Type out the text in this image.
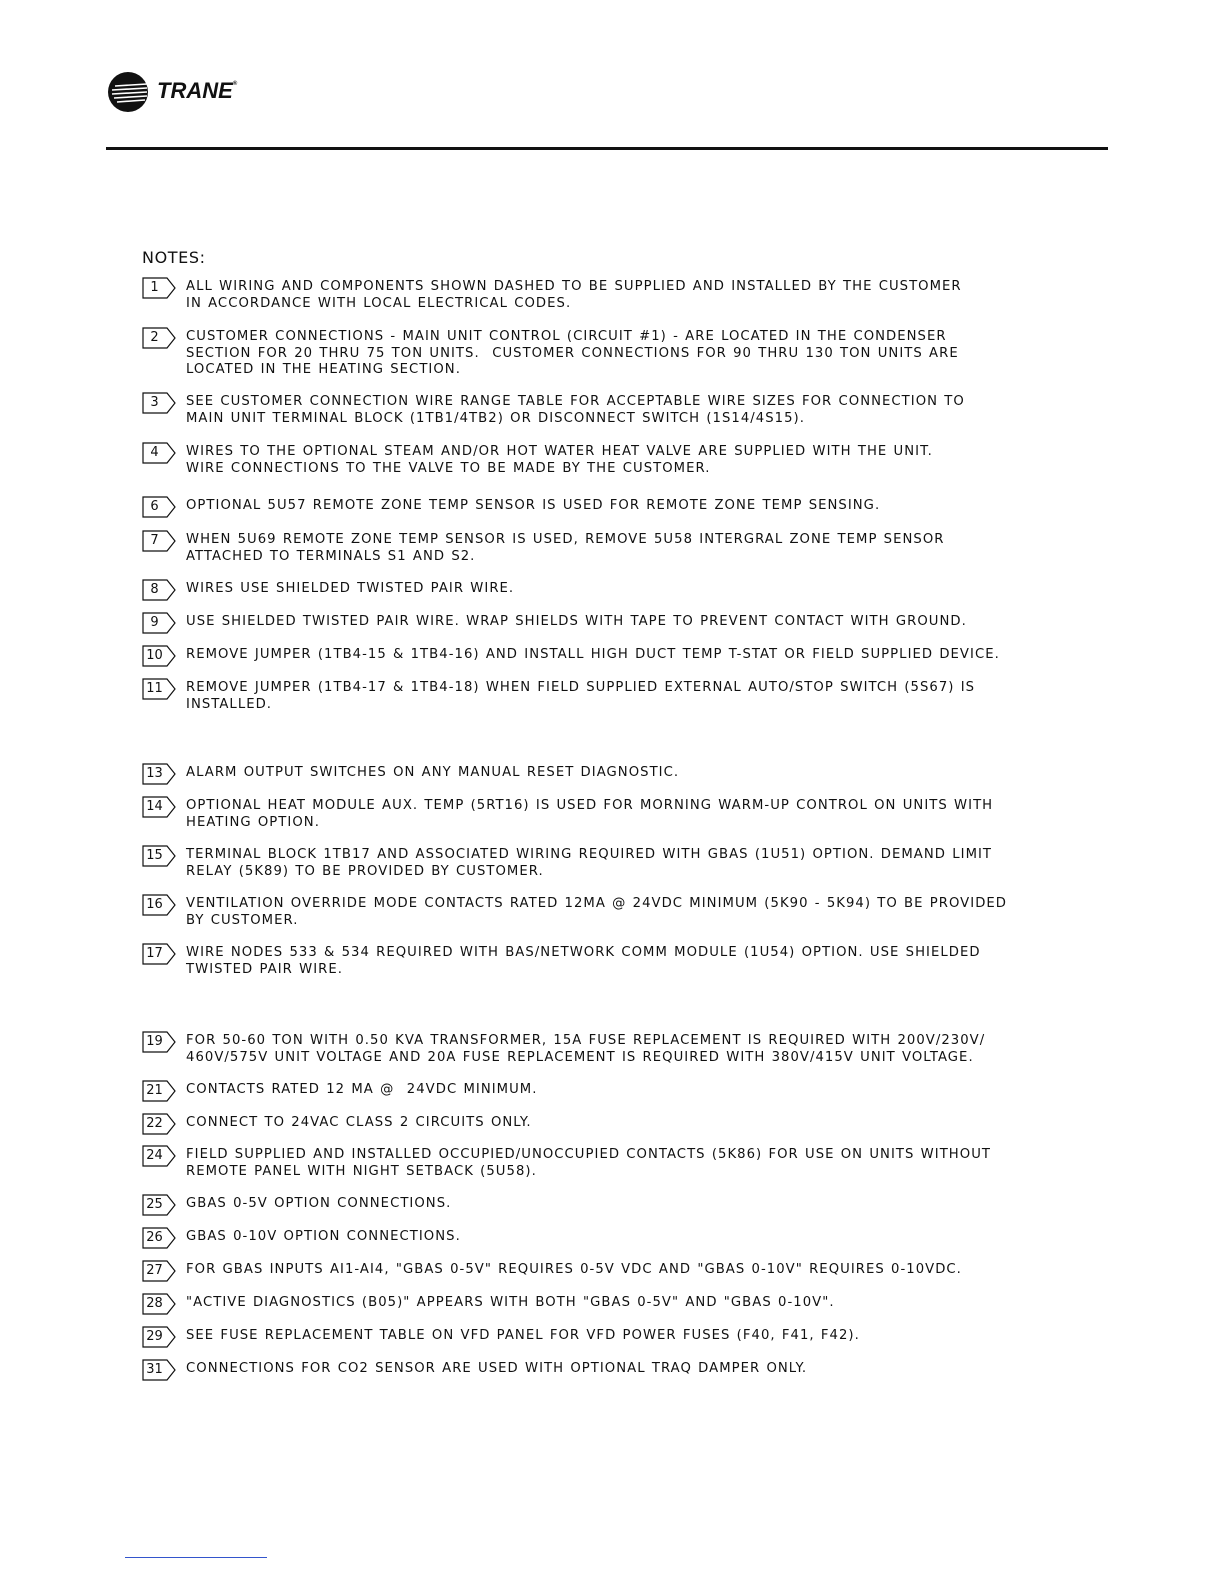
TRANE®
NOTES:
1	ALL WIRING AND COMPONENTS SHOWN DASHED TO BE SUPPLIED AND INSTALLED BY THE CUSTOMER
IN ACCORDANCE WITH LOCAL ELECTRICAL CODES.
2	CUSTOMER CONNECTIONS - MAIN UNIT CONTROL (CIRCUIT #1) - ARE LOCATED IN THE CONDENSER
SECTION FOR 20 THRU 75 TON UNITS.  CUSTOMER CONNECTIONS FOR 90 THRU 130 TON UNITS ARE
LOCATED IN THE HEATING SECTION.
3	SEE CUSTOMER CONNECTION WIRE RANGE TABLE FOR ACCEPTABLE WIRE SIZES FOR CONNECTION TO
MAIN UNIT TERMINAL BLOCK (1TB1/4TB2) OR DISCONNECT SWITCH (1S14/4S15).
4	WIRES TO THE OPTIONAL STEAM AND/OR HOT WATER HEAT VALVE ARE SUPPLIED WITH THE UNIT.
WIRE CONNECTIONS TO THE VALVE TO BE MADE BY THE CUSTOMER.
6	OPTIONAL 5U57 REMOTE ZONE TEMP SENSOR IS USED FOR REMOTE ZONE TEMP SENSING.
7	WHEN 5U69 REMOTE ZONE TEMP SENSOR IS USED, REMOVE 5U58 INTERGRAL ZONE TEMP SENSOR
ATTACHED TO TERMINALS S1 AND S2.
8	WIRES USE SHIELDED TWISTED PAIR WIRE.
9	USE SHIELDED TWISTED PAIR WIRE. WRAP SHIELDS WITH TAPE TO PREVENT CONTACT WITH GROUND.
10	REMOVE JUMPER (1TB4-15 & 1TB4-16) AND INSTALL HIGH DUCT TEMP T-STAT OR FIELD SUPPLIED DEVICE.
11	REMOVE JUMPER (1TB4-17 & 1TB4-18) WHEN FIELD SUPPLIED EXTERNAL AUTO/STOP SWITCH (5S67) IS
INSTALLED.
13	ALARM OUTPUT SWITCHES ON ANY MANUAL RESET DIAGNOSTIC.
14	OPTIONAL HEAT MODULE AUX. TEMP (5RT16) IS USED FOR MORNING WARM-UP CONTROL ON UNITS WITH
HEATING OPTION.
15	TERMINAL BLOCK 1TB17 AND ASSOCIATED WIRING REQUIRED WITH GBAS (1U51) OPTION. DEMAND LIMIT
RELAY (5K89) TO BE PROVIDED BY CUSTOMER.
16	VENTILATION OVERRIDE MODE CONTACTS RATED 12MA @ 24VDC MINIMUM (5K90 - 5K94) TO BE PROVIDED
BY CUSTOMER.
17	WIRE NODES 533 & 534 REQUIRED WITH BAS/NETWORK COMM MODULE (1U54) OPTION. USE SHIELDED
TWISTED PAIR WIRE.
19	FOR 50-60 TON WITH 0.50 KVA TRANSFORMER, 15A FUSE REPLACEMENT IS REQUIRED WITH 200V/230V/
460V/575V UNIT VOLTAGE AND 20A FUSE REPLACEMENT IS REQUIRED WITH 380V/415V UNIT VOLTAGE.
21	CONTACTS RATED 12 MA @  24VDC MINIMUM.
22	CONNECT TO 24VAC CLASS 2 CIRCUITS ONLY.
24	FIELD SUPPLIED AND INSTALLED OCCUPIED/UNOCCUPIED CONTACTS (5K86) FOR USE ON UNITS WITHOUT
REMOTE PANEL WITH NIGHT SETBACK (5U58).
25	GBAS 0-5V OPTION CONNECTIONS.
26	GBAS 0-10V OPTION CONNECTIONS.
27	FOR GBAS INPUTS AI1-AI4, "GBAS 0-5V" REQUIRES 0-5V VDC AND "GBAS 0-10V" REQUIRES 0-10VDC.
28	"ACTIVE DIAGNOSTICS (B05)" APPEARS WITH BOTH "GBAS 0-5V" AND "GBAS 0-10V".
29	SEE FUSE REPLACEMENT TABLE ON VFD PANEL FOR VFD POWER FUSES (F40, F41, F42).
31	CONNECTIONS FOR CO2 SENSOR ARE USED WITH OPTIONAL TRAQ DAMPER ONLY.
